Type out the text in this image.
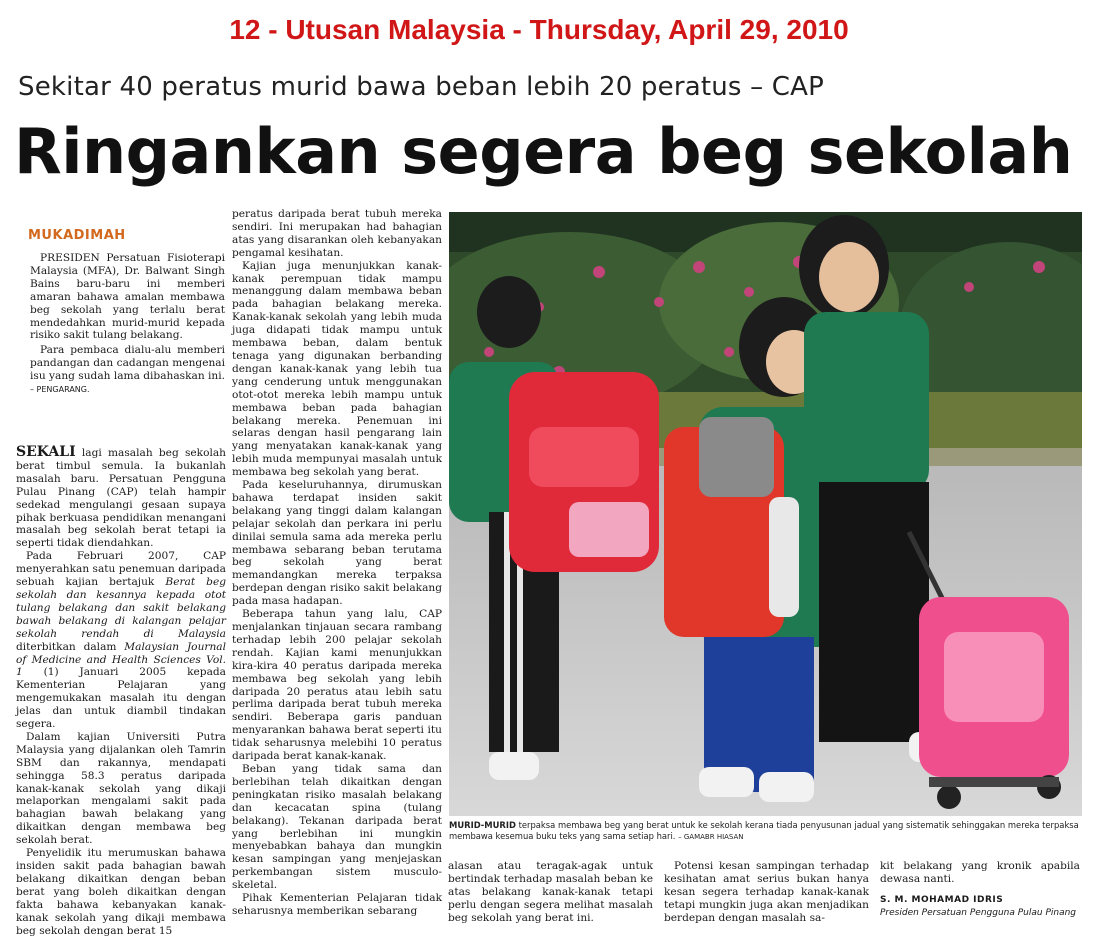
12 - Utusan Malaysia - Thursday, April 29, 2010
Sekitar 40 peratus murid bawa beban lebih 20 peratus – CAP
Ringankan segera beg sekolah
MUKADIMAH

PRESIDEN Persatuan Fisioterapi Malaysia (MFA), Dr. Balwant Singh Bains baru-baru ini memberi amaran bahawa amalan membawa beg sekolah yang terlalu berat mendedahkan murid-murid kepada risiko sakit tulang belakang.

Para pembaca dialu-alu memberi pandangan dan cadangan mengenai isu yang sudah lama dibahaskan ini. – PENGARANG.

SEKALI lagi masalah beg sekolah berat timbul semula. Ia bukanlah masalah baru. Persatuan Pengguna Pulau Pinang (CAP) telah hampir sedekad mengulangi gesaan supaya pihak berkuasa pendidikan menangani masalah beg sekolah berat tetapi ia seperti tidak diendahkan.

Pada Februari 2007, CAP menyerahkan satu penemuan daripada sebuah kajian bertajuk Berat beg sekolah dan kesannya kepada otot tulang belakang dan sakit belakang bawah belakang di kalangan pelajar sekolah rendah di Malaysia diterbitkan dalam Malaysian Journal of Medicine and Health Sciences Vol. 1 (1) Januari 2005 kepada Kementerian Pelajaran yang mengemukakan masalah itu dengan jelas dan untuk diambil tindakan segera.

Dalam kajian Universiti Putra Malaysia yang dijalankan oleh Tamrin SBM dan rakannya, mendapati sehingga 58.3 peratus daripada kanak-kanak sekolah yang dikaji melaporkan mengalami sakit pada bahagian bawah belakang yang dikaitkan dengan membawa beg sekolah berat.

Penyelidik itu merumuskan bahawa insiden sakit pada bahagian bawah belakang dikaitkan dengan beban berat yang boleh dikaitkan dengan fakta bahawa kebanyakan kanak-kanak sekolah yang dikaji membawa beg sekolah dengan berat 15

peratus daripada berat tubuh mereka sendiri. Ini merupakan had bahagian atas yang disarankan oleh kebanyakan pengamal kesihatan.

Kajian juga menunjukkan kanak-kanak perempuan tidak mampu menanggung dalam membawa beban pada bahagian belakang mereka. Kanak-kanak sekolah yang lebih muda juga didapati tidak mampu untuk membawa beban, dalam bentuk tenaga yang digunakan berbanding dengan kanak-kanak yang lebih tua yang cenderung untuk menggunakan otot-otot mereka lebih mampu untuk membawa beban pada bahagian belakang mereka. Penemuan ini selaras dengan hasil pengarang lain yang menyatakan kanak-kanak yang lebih muda mempunyai masalah untuk membawa beg sekolah yang berat.

Pada keseluruhannya, dirumuskan bahawa terdapat insiden sakit belakang yang tinggi dalam kalangan pelajar sekolah dan perkara ini perlu dinilai semula sama ada mereka perlu membawa sebarang beban terutama beg sekolah yang berat memandangkan mereka terpaksa berdepan dengan risiko sakit belakang pada masa hadapan.

Beberapa tahun yang lalu, CAP menjalankan tinjauan secara rambang terhadap lebih 200 pelajar sekolah rendah. Kajian kami menunjukkan kira-kira 40 peratus daripada mereka membawa beg sekolah yang lebih daripada 20 peratus atau lebih satu perlima daripada berat tubuh mereka sendiri. Beberapa garis panduan menyarankan bahawa berat seperti itu tidak seharusnya melebihi 10 peratus daripada berat kanak-kanak.

Beban yang tidak sama dan berlebihan telah dikaitkan dengan peningkatan risiko masalah belakang dan kecacatan spina (tulang belakang). Tekanan daripada berat yang berlebihan ini mungkin menyebabkan bahaya dan mungkin kesan sampingan yang menjejaskan perkembangan sistem musculo-skeletal.

Pihak Kementerian Pelajaran tidak seharusnya memberikan sebarang

MURID-MURID terpaksa membawa beg yang berat untuk ke sekolah kerana tiada penyusunan jadual yang sistematik sehinggakan mereka terpaksa membawa kesemua buku teks yang sama setiap hari. – GAMABR HIASAN

alasan atau teragak-agak untuk bertindak terhadap masalah beban ke atas belakang kanak-kanak tetapi perlu dengan segera melihat masalah beg sekolah yang berat ini.

Potensi kesan sampingan terhadap kesihatan amat serius bukan hanya kesan segera terhadap kanak-kanak tetapi mungkin juga akan menjadikan berdepan dengan masalah sa-

kit belakang yang kronik apabila dewasa nanti.

S. M. MOHAMAD IDRIS
Presiden Persatuan Pengguna Pulau Pinang
